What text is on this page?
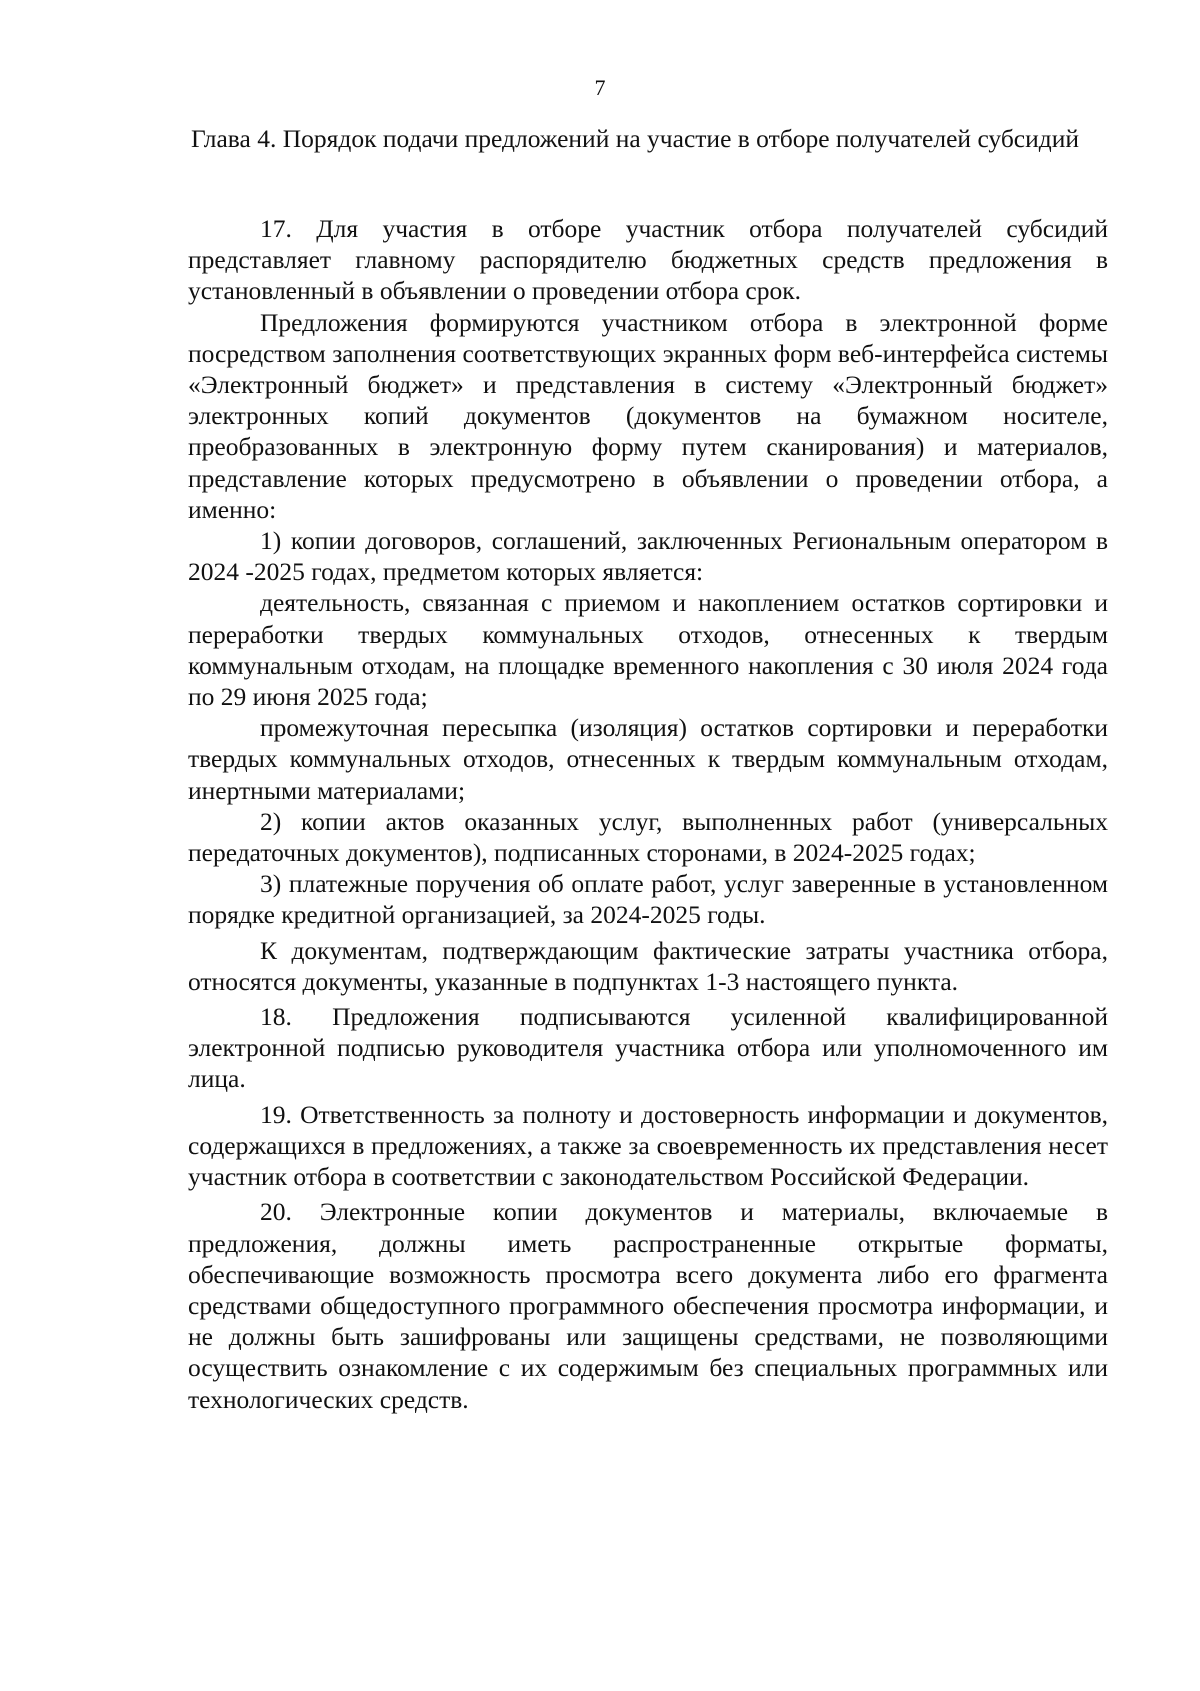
7
Глава 4. Порядок подачи предложений на участие в отборе получателей субсидий

17. Для участия в отборе участник отбора получателей субсидий представляет главному распорядителю бюджетных средств предложения в установленный в объявлении о проведении отбора срок.

Предложения формируются участником отбора в электронной форме посредством заполнения соответствующих экранных форм веб-интерфейса системы «Электронный бюджет» и представления в систему «Электронный бюджет» электронных копий документов (документов на бумажном носителе, преобразованных в электронную форму путем сканирования) и материалов, представление которых предусмотрено в объявлении о проведении отбора, а именно:

1) копии договоров, соглашений, заключенных Региональным оператором в 2024 -2025 годах, предметом которых является:

деятельность, связанная с приемом и накоплением остатков сортировки и переработки твердых коммунальных отходов, отнесенных к твердым коммунальным отходам, на площадке временного накопления с 30 июля 2024 года по 29 июня 2025 года;

промежуточная пересыпка (изоляция) остатков сортировки и переработки твердых коммунальных отходов, отнесенных к твердым коммунальным отходам, инертными материалами;

2) копии актов оказанных услуг, выполненных работ (универсальных передаточных документов), подписанных сторонами, в 2024-2025 годах;

3) платежные поручения об оплате работ, услуг заверенные в установленном порядке кредитной организацией, за 2024-2025 годы.

К документам, подтверждающим фактические затраты участника отбора, относятся документы, указанные в подпунктах 1-3 настоящего пункта.

18. Предложения подписываются усиленной квалифицированной электронной подписью руководителя участника отбора или уполномоченного им лица.

19. Ответственность за полноту и достоверность информации и документов, содержащихся в предложениях, а также за своевременность их представления несет участник отбора в соответствии с законодательством Российской Федерации.

20. Электронные копии документов и материалы, включаемые в предложения, должны иметь распространенные открытые форматы, обеспечивающие возможность просмотра всего документа либо его фрагмента средствами общедоступного программного обеспечения просмотра информации, и не должны быть зашифрованы или защищены средствами, не позволяющими осуществить ознакомление с их содержимым без специальных программных или технологических средств.
